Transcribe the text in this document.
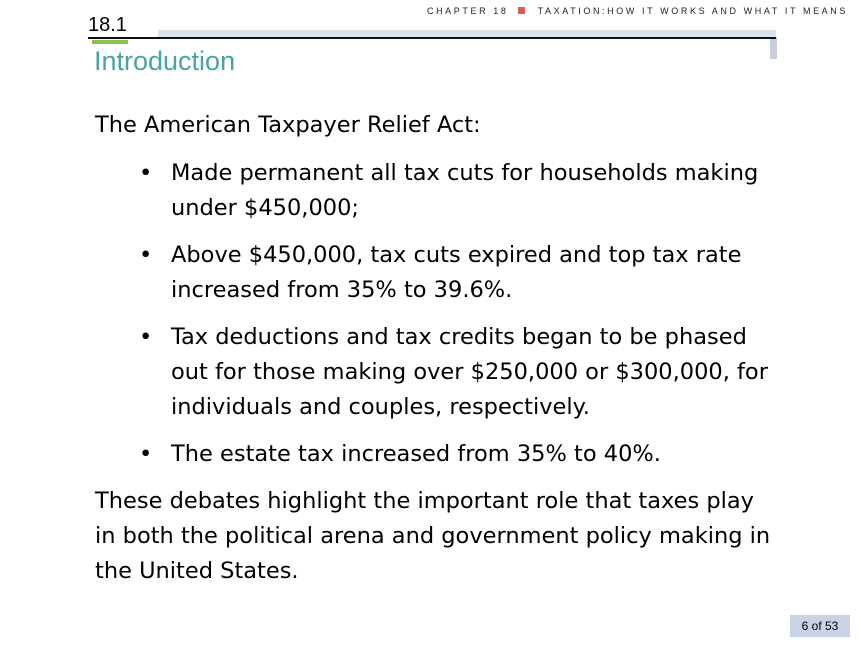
CHAPTER 18	TAXATION:HOW IT WORKS AND WHAT IT MEANS
18.1
Introduction

The American Taxpayer Relief Act:

• Made permanent all tax cuts for households making under $450,000;
• Above $450,000, tax cuts expired and top tax rate increased from 35% to 39.6%.
• Tax deductions and tax credits began to be phased out for those making over $250,000 or $300,000, for individuals and couples, respectively.
• The estate tax increased from 35% to 40%.

These debates highlight the important role that taxes play in both the political arena and government policy making in the United States.

6 of 53
